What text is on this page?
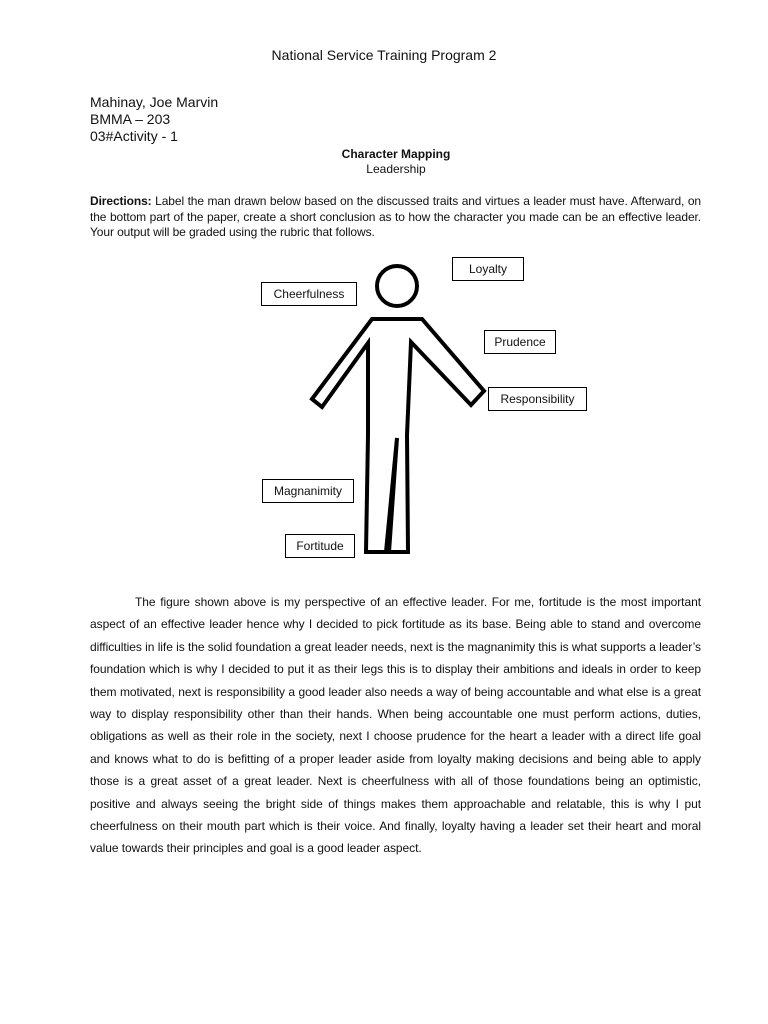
National Service Training Program 2
Mahinay, Joe Marvin
BMMA – 203
03#Activity - 1
Character Mapping
Leadership
Directions: Label the man drawn below based on the discussed traits and virtues a leader must have. Afterward, on the bottom part of the paper, create a short conclusion as to how the character you made can be an effective leader. Your output will be graded using the rubric that follows.
Loyalty
Cheerfulness
Prudence
Responsibility
Magnanimity
Fortitude
The figure shown above is my perspective of an effective leader. For me, fortitude is the most important aspect of an effective leader hence why I decided to pick fortitude as its base. Being able to stand and overcome difficulties in life is the solid foundation a great leader needs, next is the magnanimity this is what supports a leader’s foundation which is why I decided to put it as their legs this is to display their ambitions and ideals in order to keep them motivated, next is responsibility a good leader also needs a way of being accountable and what else is a great way to display responsibility other than their hands. When being accountable one must perform actions, duties, obligations as well as their role in the society, next I choose prudence for the heart a leader with a direct life goal and knows what to do is befitting of a proper leader aside from loyalty making decisions and being able to apply those is a great asset of a great leader. Next is cheerfulness with all of those foundations being an optimistic, positive and always seeing the bright side of things makes them approachable and relatable, this is why I put cheerfulness on their mouth part which is their voice. And finally, loyalty having a leader set their heart and moral value towards their principles and goal is a good leader aspect.
